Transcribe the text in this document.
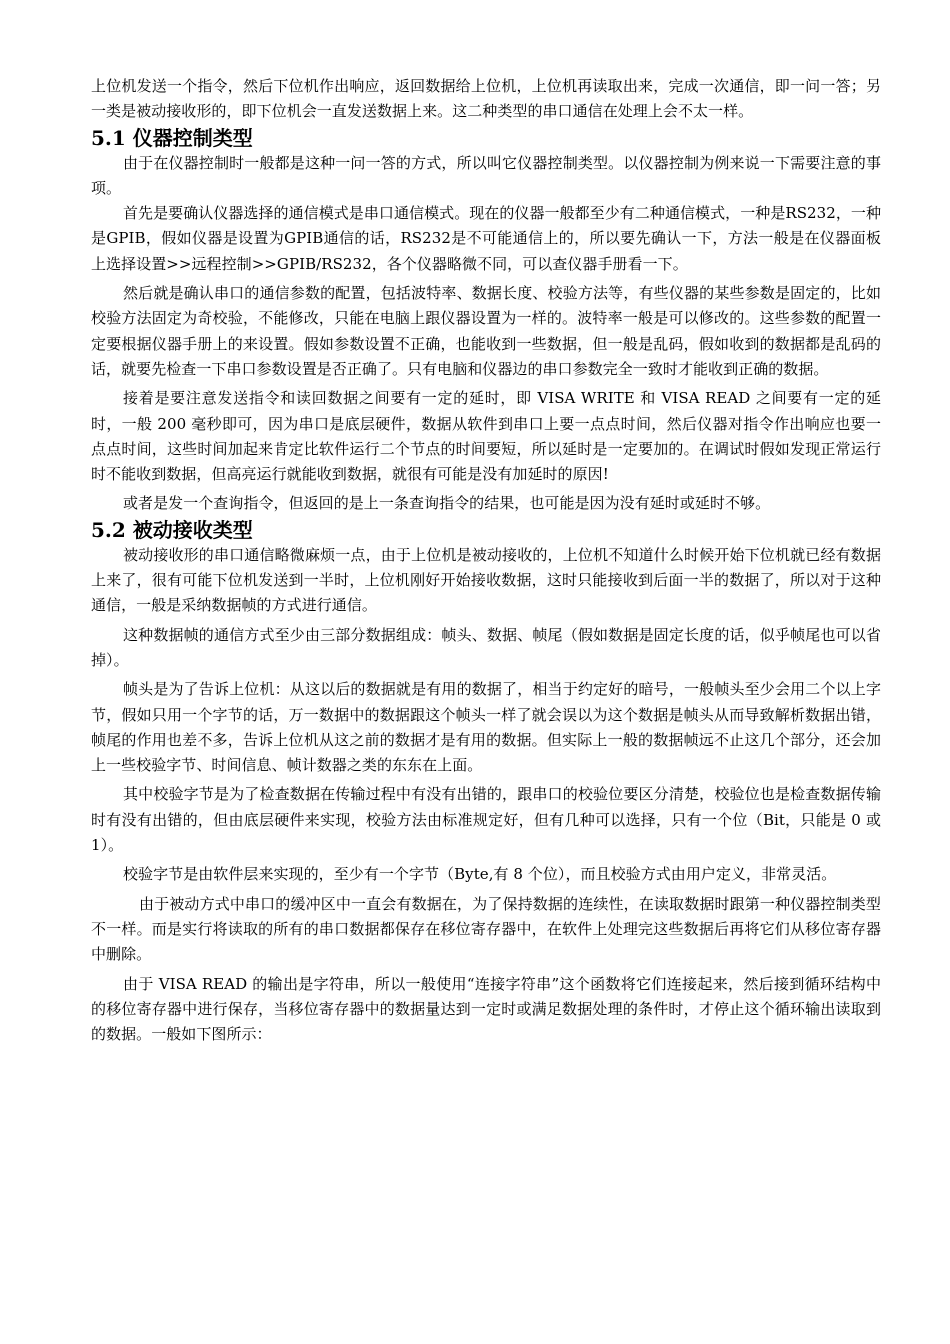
上位机发送一个指令，然后下位机作出响应，返回数据给上位机，上位机再读取出来，完成一次通信，即一问一答；另一类是被动接收形的，即下位机会一直发送数据上来。这二种类型的串口通信在处理上会不太一样。

5.1 仪器控制类型

由于在仪器控制时一般都是这种一问一答的方式，所以叫它仪器控制类型。以仪器控制为例来说一下需要注意的事项。

首先是要确认仪器选择的通信模式是串口通信模式。现在的仪器一般都至少有二种通信模式，一种是RS232，一种是GPIB，假如仪器是设置为GPIB通信的话，RS232是不可能通信上的，所以要先确认一下，方法一般是在仪器面板上选择设置>>远程控制>>GPIB/RS232，各个仪器略微不同，可以查仪器手册看一下。

然后就是确认串口的通信参数的配置，包括波特率、数据长度、校验方法等，有些仪器的某些参数是固定的，比如校验方法固定为奇校验，不能修改，只能在电脑上跟仪器设置为一样的。波特率一般是可以修改的。这些参数的配置一定要根据仪器手册上的来设置。假如参数设置不正确，也能收到一些数据，但一般是乱码，假如收到的数据都是乱码的话，就要先检查一下串口参数设置是否正确了。只有电脑和仪器边的串口参数完全一致时才能收到正确的数据。

接着是要注意发送指令和读回数据之间要有一定的延时，即 VISA WRITE 和 VISA READ 之间要有一定的延时，一般 200 毫秒即可，因为串口是底层硬件，数据从软件到串口上要一点点时间，然后仪器对指令作出响应也要一点点时间，这些时间加起来肯定比软件运行二个节点的时间要短，所以延时是一定要加的。在调试时假如发现正常运行时不能收到数据，但高亮运行就能收到数据，就很有可能是没有加延时的原因!

或者是发一个查询指令，但返回的是上一条查询指令的结果，也可能是因为没有延时或延时不够。

5.2 被动接收类型

被动接收形的串口通信略微麻烦一点，由于上位机是被动接收的，上位机不知道什么时候开始下位机就已经有数据上来了，很有可能下位机发送到一半时，上位机刚好开始接收数据，这时只能接收到后面一半的数据了，所以对于这种通信，一般是采纳数据帧的方式进行通信。

这种数据帧的通信方式至少由三部分数据组成：帧头、数据、帧尾（假如数据是固定长度的话，似乎帧尾也可以省掉）。

帧头是为了告诉上位机：从这以后的数据就是有用的数据了，相当于约定好的暗号，一般帧头至少会用二个以上字节，假如只用一个字节的话，万一数据中的数据跟这个帧头一样了就会误以为这个数据是帧头从而导致解析数据出错，帧尾的作用也差不多，告诉上位机从这之前的数据才是有用的数据。但实际上一般的数据帧远不止这几个部分，还会加上一些校验字节、时间信息、帧计数器之类的东东在上面。

其中校验字节是为了检查数据在传输过程中有没有出错的，跟串口的校验位要区分清楚，校验位也是检查数据传输时有没有出错的，但由底层硬件来实现，校验方法由标准规定好，但有几种可以选择，只有一个位（Bit，只能是 0 或 1）。

校验字节是由软件层来实现的，至少有一个字节（Byte,有 8 个位），而且校验方式由用户定义，非常灵活。

由于被动方式中串口的缓冲区中一直会有数据在，为了保持数据的连续性，在读取数据时跟第一种仪器控制类型不一样。而是实行将读取的所有的串口数据都保存在移位寄存器中，在软件上处理完这些数据后再将它们从移位寄存器中删除。

由于 VISA READ 的输出是字符串，所以一般使用“连接字符串”这个函数将它们连接起来，然后接到循环结构中的移位寄存器中进行保存，当移位寄存器中的数据量达到一定时或满足数据处理的条件时，才停止这个循环输出读取到的数据。一般如下图所示：
